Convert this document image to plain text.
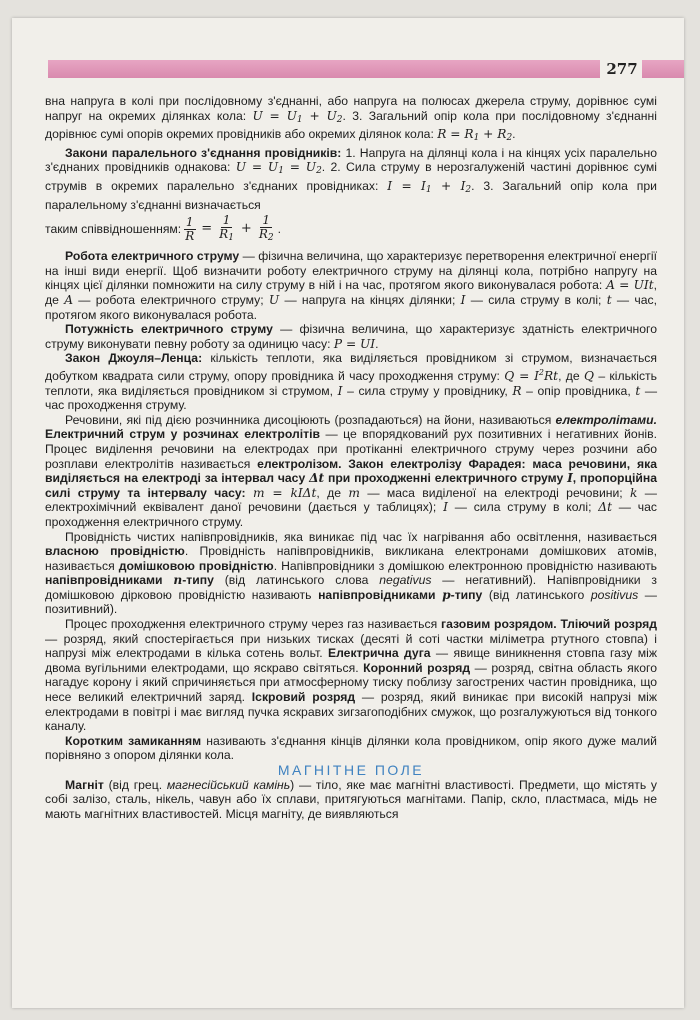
277

вна напруга в колі при послідовному з'єднанні, або напруга на полюсах джерела струму, дорівнює сумі напруг на окремих ділянках кола: $U = U_1 + U_2$. 3. Загальний опір кола при послідовному з'єднанні дорівнює сумі опорів окремих провідників або окремих ділянок кола: $R = R_1 + R_2$.

Закони паралельного з'єднання провідників: 1. Напруга на ділянці кола і на кінцях усіх паралельно з'єднаних провідників однакова: $U = U_1 = U_2$. 2. Сила струму в нерозгалуженій частині дорівнює сумі струмів в окремих паралельно з'єднаних провідниках: $I = I_1 + I_2$. 3. Загальний опір кола при паралельному з'єднанні визначається

таким співвідношенням: $\frac{1}{R} = \frac{1}{R_1} + \frac{1}{R_2}$ .

Робота електричного струму — фізична величина, що характеризує перетворення електричної енергії на інші види енергії. Щоб визначити роботу електричного струму на ділянці кола, потрібно напругу на кінцях цієї ділянки помножити на силу струму в ній і на час, протягом якого виконувалася робота: A = UIt, де A — робота електричного струму; U — напруга на кінцях ділянки; I — сила струму в колі; t — час, протягом якого виконувалася робота.

Потужність електричного струму — фізична величина, що характеризує здатність електричного струму виконувати певну роботу за одиницю часу: P = UI.

Закон Джоуля–Ленца: кількість теплоти, яка виділяється провідником зі струмом, визначається добутком квадрата сили струму, опору провідника й часу проходження струму: $Q = I^2Rt$, де Q – кількість теплоти, яка виділяється провідником зі струмом, I – сила струму у провіднику, R – опір провідника, t — час проходження струму.

Речовини, які під дією розчинника дисоціюють (розпадаються) на йони, називаються електролітами. Електричний струм у розчинах електролітів — це впорядкований рух позитивних і негативних йонів. Процес виділення речовини на електродах при протіканні електричного струму через розчини або розплави електролітів називається електролізом. Закон електролізу Фарадея: маса речовини, яка виділяється на електроді за інтервал часу Δt при проходженні електричного струму I, пропорційна силі струму та інтервалу часу: m = kIΔt, де m — маса виділеної на електроді речовини; k — електрохімічний еквівалент даної речовини (дається у таблицях); I — сила струму в колі; Δt — час проходження електричного струму.

Провідність чистих напівпровідників, яка виникає під час їх нагрівання або освітлення, називається власною провідністю. Провідність напівпровідників, викликана електронами домішкових атомів, називається домішковою провідністю. Напівпровідники з домішкою електронною провідністю називають напівпровідниками n-типу (від латинського слова negativus — негативний). Напівпровідники з домішковою дірковою провідністю називають напівпровідниками p-типу (від латинського positivus — позитивний).

Процес проходження електричного струму через газ називається газовим розрядом. Тліючий розряд — розряд, який спостерігається при низьких тисках (десяті й соті частки міліметра ртутного стовпа) і напрузі між електродами в кілька сотень вольт. Електрична дуга — явище виникнення стовпа газу між двома вугільними електродами, що яскраво світяться. Коронний розряд — розряд, світна область якого нагадує корону і який спричиняється при атмосферному тиску поблизу загострених частин провідника, що несе великий електричний заряд. Іскровий розряд — розряд, який виникає при високій напрузі між електродами в повітрі і має вигляд пучка яскравих зигзагоподібних смужок, що розгалужуються від тонкого каналу.

Коротким замиканням називають з'єднання кінців ділянки кола провідником, опір якого дуже малий порівняно з опором ділянки кола.

МАГНІТНЕ ПОЛЕ

Магніт (від грец. магнесійський камінь) — тіло, яке має магнітні властивості. Предмети, що містять у собі залізо, сталь, нікель, чавун або їх сплави, притягуються магнітами. Папір, скло, пластмаса, мідь не мають магнітних властивостей. Місця магніту, де виявляються
